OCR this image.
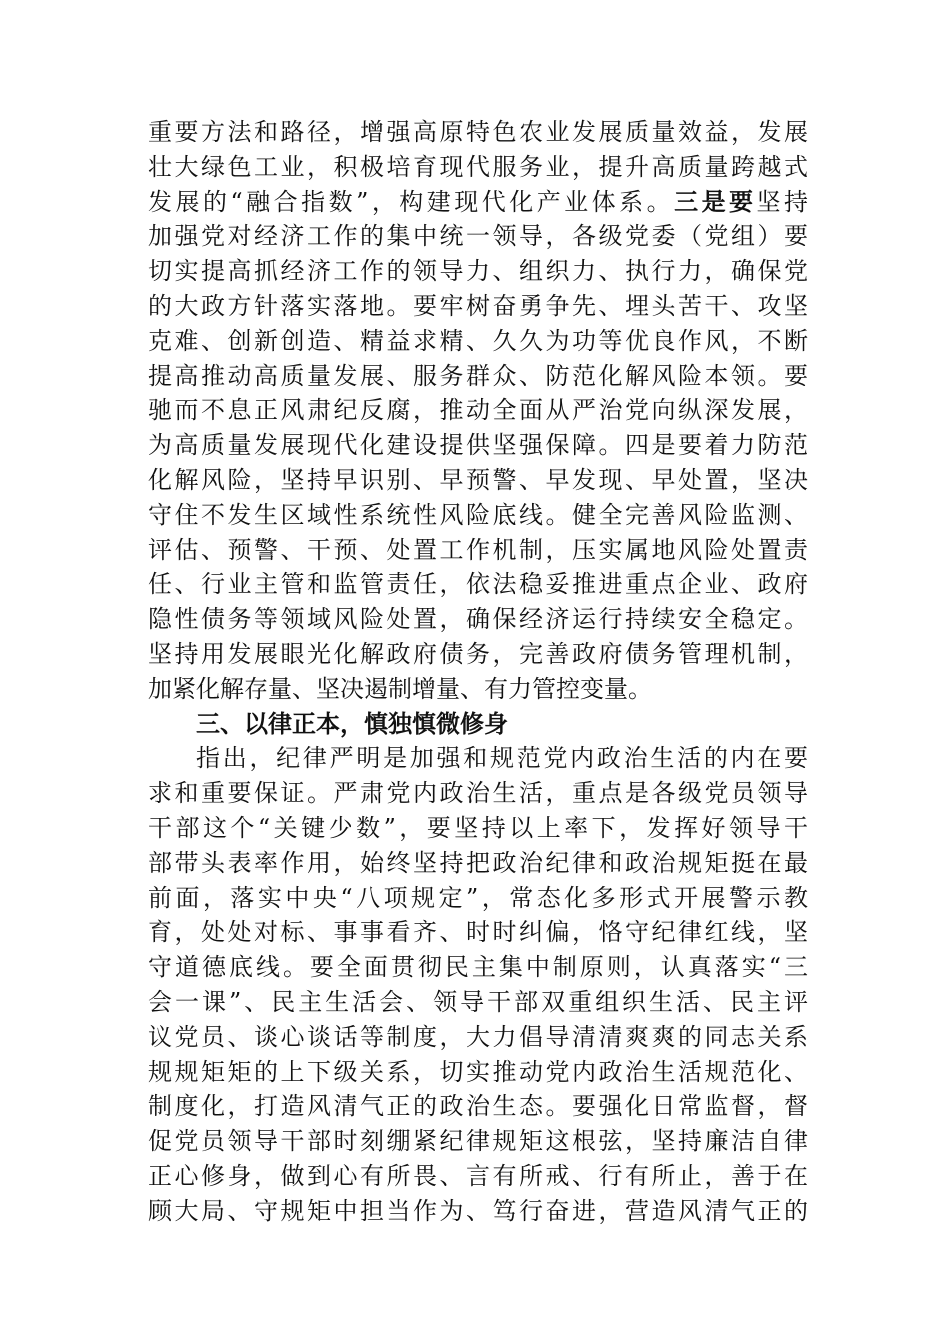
重要方法和路径，增强高原特色农业发展质量效益，发展
壮大绿色工业，积极培育现代服务业，提升高质量跨越式
发展的“融合指数”，构建现代化产业体系。三是要坚持
加强党对经济工作的集中统一领导，各级党委（党组）要
切实提高抓经济工作的领导力、组织力、执行力，确保党
的大政方针落实落地。要牢树奋勇争先、埋头苦干、攻坚
克难、创新创造、精益求精、久久为功等优良作风，不断
提高推动高质量发展、服务群众、防范化解风险本领。要
驰而不息正风肃纪反腐，推动全面从严治党向纵深发展，
为高质量发展现代化建设提供坚强保障。四是要着力防范
化解风险，坚持早识别、早预警、早发现、早处置，坚决
守住不发生区域性系统性风险底线。健全完善风险监测、
评估、预警、干预、处置工作机制，压实属地风险处置责
任、行业主管和监管责任，依法稳妥推进重点企业、政府
隐性债务等领域风险处置，确保经济运行持续安全稳定。
坚持用发展眼光化解政府债务，完善政府债务管理机制，
加紧化解存量、坚决遏制增量、有力管控变量。
三、以律正本，慎独慎微修身
指出，纪律严明是加强和规范党内政治生活的内在要
求和重要保证。严肃党内政治生活，重点是各级党员领导
干部这个“关键少数”，要坚持以上率下，发挥好领导干
部带头表率作用，始终坚持把政治纪律和政治规矩挺在最
前面，落实中央“八项规定”，常态化多形式开展警示教
育，处处对标、事事看齐、时时纠偏，恪守纪律红线，坚
守道德底线。要全面贯彻民主集中制原则，认真落实“三
会一课”、民主生活会、领导干部双重组织生活、民主评
议党员、谈心谈话等制度，大力倡导清清爽爽的同志关系
规规矩矩的上下级关系，切实推动党内政治生活规范化、
制度化，打造风清气正的政治生态。要强化日常监督，督
促党员领导干部时刻绷紧纪律规矩这根弦，坚持廉洁自律
正心修身，做到心有所畏、言有所戒、行有所止，善于在
顾大局、守规矩中担当作为、笃行奋进，营造风清气正的
